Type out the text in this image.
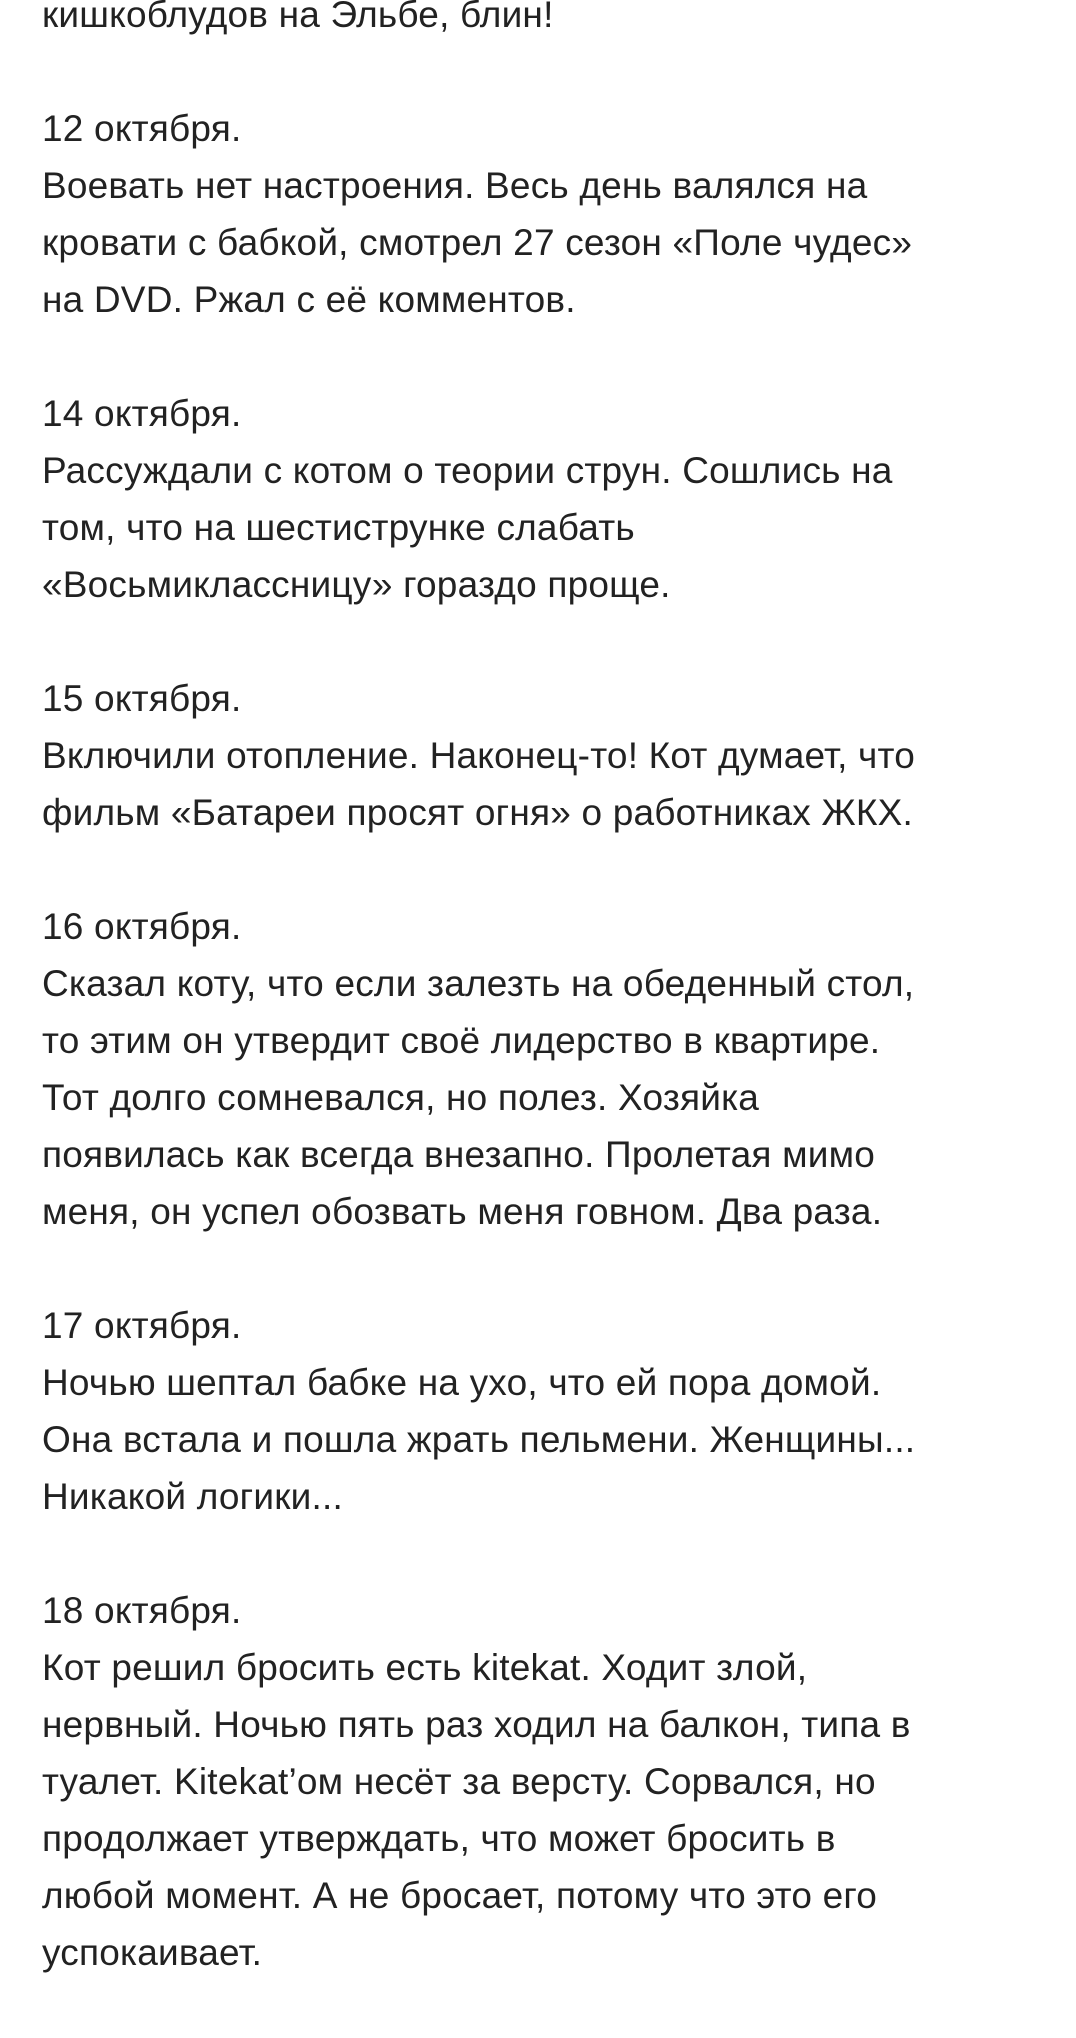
кишкоблудов на Эльбе, блин!
12 октября.
Воевать нет настроения. Весь день валялся на
кровати с бабкой, смотрел 27 сезон «Поле чудес»
на DVD. Ржал с её комментов.
14 октября.
Рассуждали с котом о теории струн. Сошлись на
том, что на шестиструнке слабать
«Восьмиклассницу» гораздо проще.
15 октября.
Включили отопление. Наконец-то! Кот думает, что
фильм «Батареи просят огня» о работниках ЖКХ.
16 октября.
Сказал коту, что если залезть на обеденный стол,
то этим он утвердит своё лидерство в квартире.
Тот долго сомневался, но полез. Хозяйка
появилась как всегда внезапно. Пролетая мимо
меня, он успел обозвать меня говном. Два раза.
17 октября.
Ночью шептал бабке на ухо, что ей пора домой.
Она встала и пошла жрать пельмени. Женщины...
Никакой логики...
18 октября.
Кот решил бросить есть kitekat. Ходит злой,
нервный. Ночью пять раз ходил на балкон, типа в
туалет. Kitekat’ом несёт за версту. Сорвался, но
продолжает утверждать, что может бросить в
любой момент. А не бросает, потому что это его
успокаивает.
